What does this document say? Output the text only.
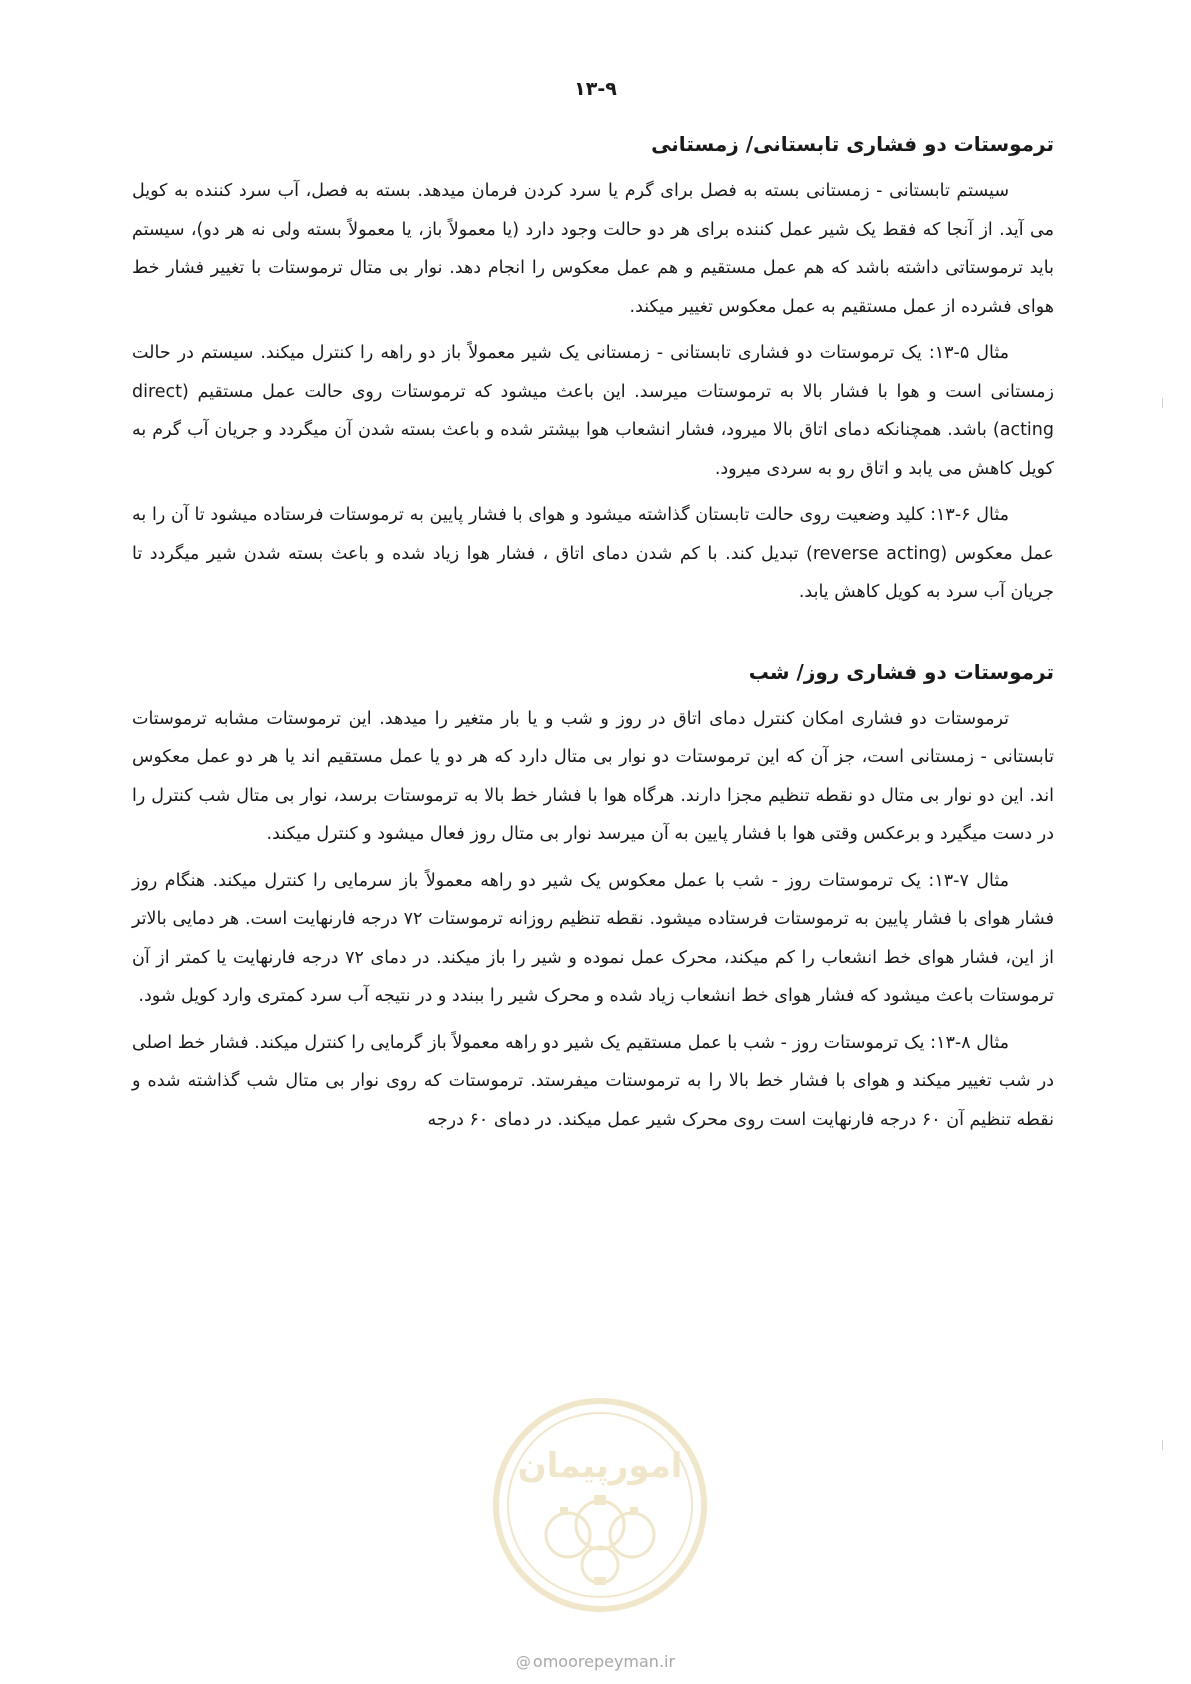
۱۳-۹
ترموستات دو فشاری تابستانی/ زمستانی

سیستم تابستانی - زمستانی بسته به فصل برای گرم یا سرد کردن فرمان میدهد. بسته به فصل، آب سرد کننده به کویل می آید. از آنجا که فقط یک شیر عمل کننده برای هر دو حالت وجود دارد (یا معمولاً باز، یا معمولاً بسته ولی نه هر دو)، سیستم باید ترموستاتی داشته باشد که هم عمل مستقیم و هم عمل معکوس را انجام دهد. نوار بی متال ترموستات با تغییر فشار خط هوای فشرده از عمل مستقیم به عمل معکوس تغییر میکند.

مثال ۵-۱۳: یک ترموستات دو فشاری تابستانی - زمستانی یک شیر معمولاً باز دو راهه را کنترل میکند. سیستم در حالت زمستانی است و هوا با فشار بالا به ترموستات میرسد. این باعث میشود که ترموستات روی حالت عمل مستقیم (direct acting) باشد. همچنانکه دمای اتاق بالا میرود، فشار انشعاب هوا بیشتر شده و باعث بسته شدن آن میگردد و جریان آب گرم به کویل کاهش می یابد و اتاق رو به سردی میرود.

مثال ۶-۱۳: کلید وضعیت روی حالت تابستان گذاشته میشود و هوای با فشار پایین به ترموستات فرستاده میشود تا آن را به عمل معکوس (reverse acting) تبدیل کند. با کم شدن دمای اتاق ، فشار هوا زیاد شده و باعث بسته شدن شیر میگردد تا جریان آب سرد به کویل کاهش یابد.

ترموستات دو فشاری روز/ شب

ترموستات دو فشاری امکان کنترل دمای اتاق در روز و شب و یا بار متغیر را میدهد. این ترموستات مشابه ترموستات تابستانی - زمستانی است، جز آن که این ترموستات دو نوار بی متال دارد که هر دو یا عمل مستقیم اند یا هر دو عمل معکوس اند. این دو نوار بی متال دو نقطه تنظیم مجزا دارند. هرگاه هوا با فشار خط بالا به ترموستات برسد، نوار بی متال شب کنترل را در دست میگیرد و برعکس وقتی هوا با فشار پایین به آن میرسد نوار بی متال روز فعال میشود و کنترل میکند.

مثال ۷-۱۳: یک ترموستات روز - شب با عمل معکوس یک شیر دو راهه معمولاً باز سرمایی را کنترل میکند. هنگام روز فشار هوای با فشار پایین به ترموستات فرستاده میشود. نقطه تنظیم روزانه ترموستات ۷۲ درجه فارنهایت است. هر دمایی بالاتر از این، فشار هوای خط انشعاب را کم میکند، محرک عمل نموده و شیر را باز میکند. در دمای ۷۲ درجه فارنهایت یا کمتر از آن ترموستات باعث میشود که فشار هوای خط انشعاب زیاد شده و محرک شیر را ببندد و در نتیجه آب سرد کمتری وارد کویل شود.

مثال ۸-۱۳: یک ترموستات روز - شب با عمل مستقیم یک شیر دو راهه معمولاً باز گرمایی را کنترل میکند. فشار خط اصلی در شب تغییر میکند و هوای با فشار خط بالا را به ترموستات میفرستد. ترموستات که روی نوار بی متال شب گذاشته شده و نقطه تنظیم آن ۶۰ درجه فارنهایت است روی محرک شیر عمل میکند. در دمای ۶۰ درجه

امورپیمان
@ omoorepeyman.ir
